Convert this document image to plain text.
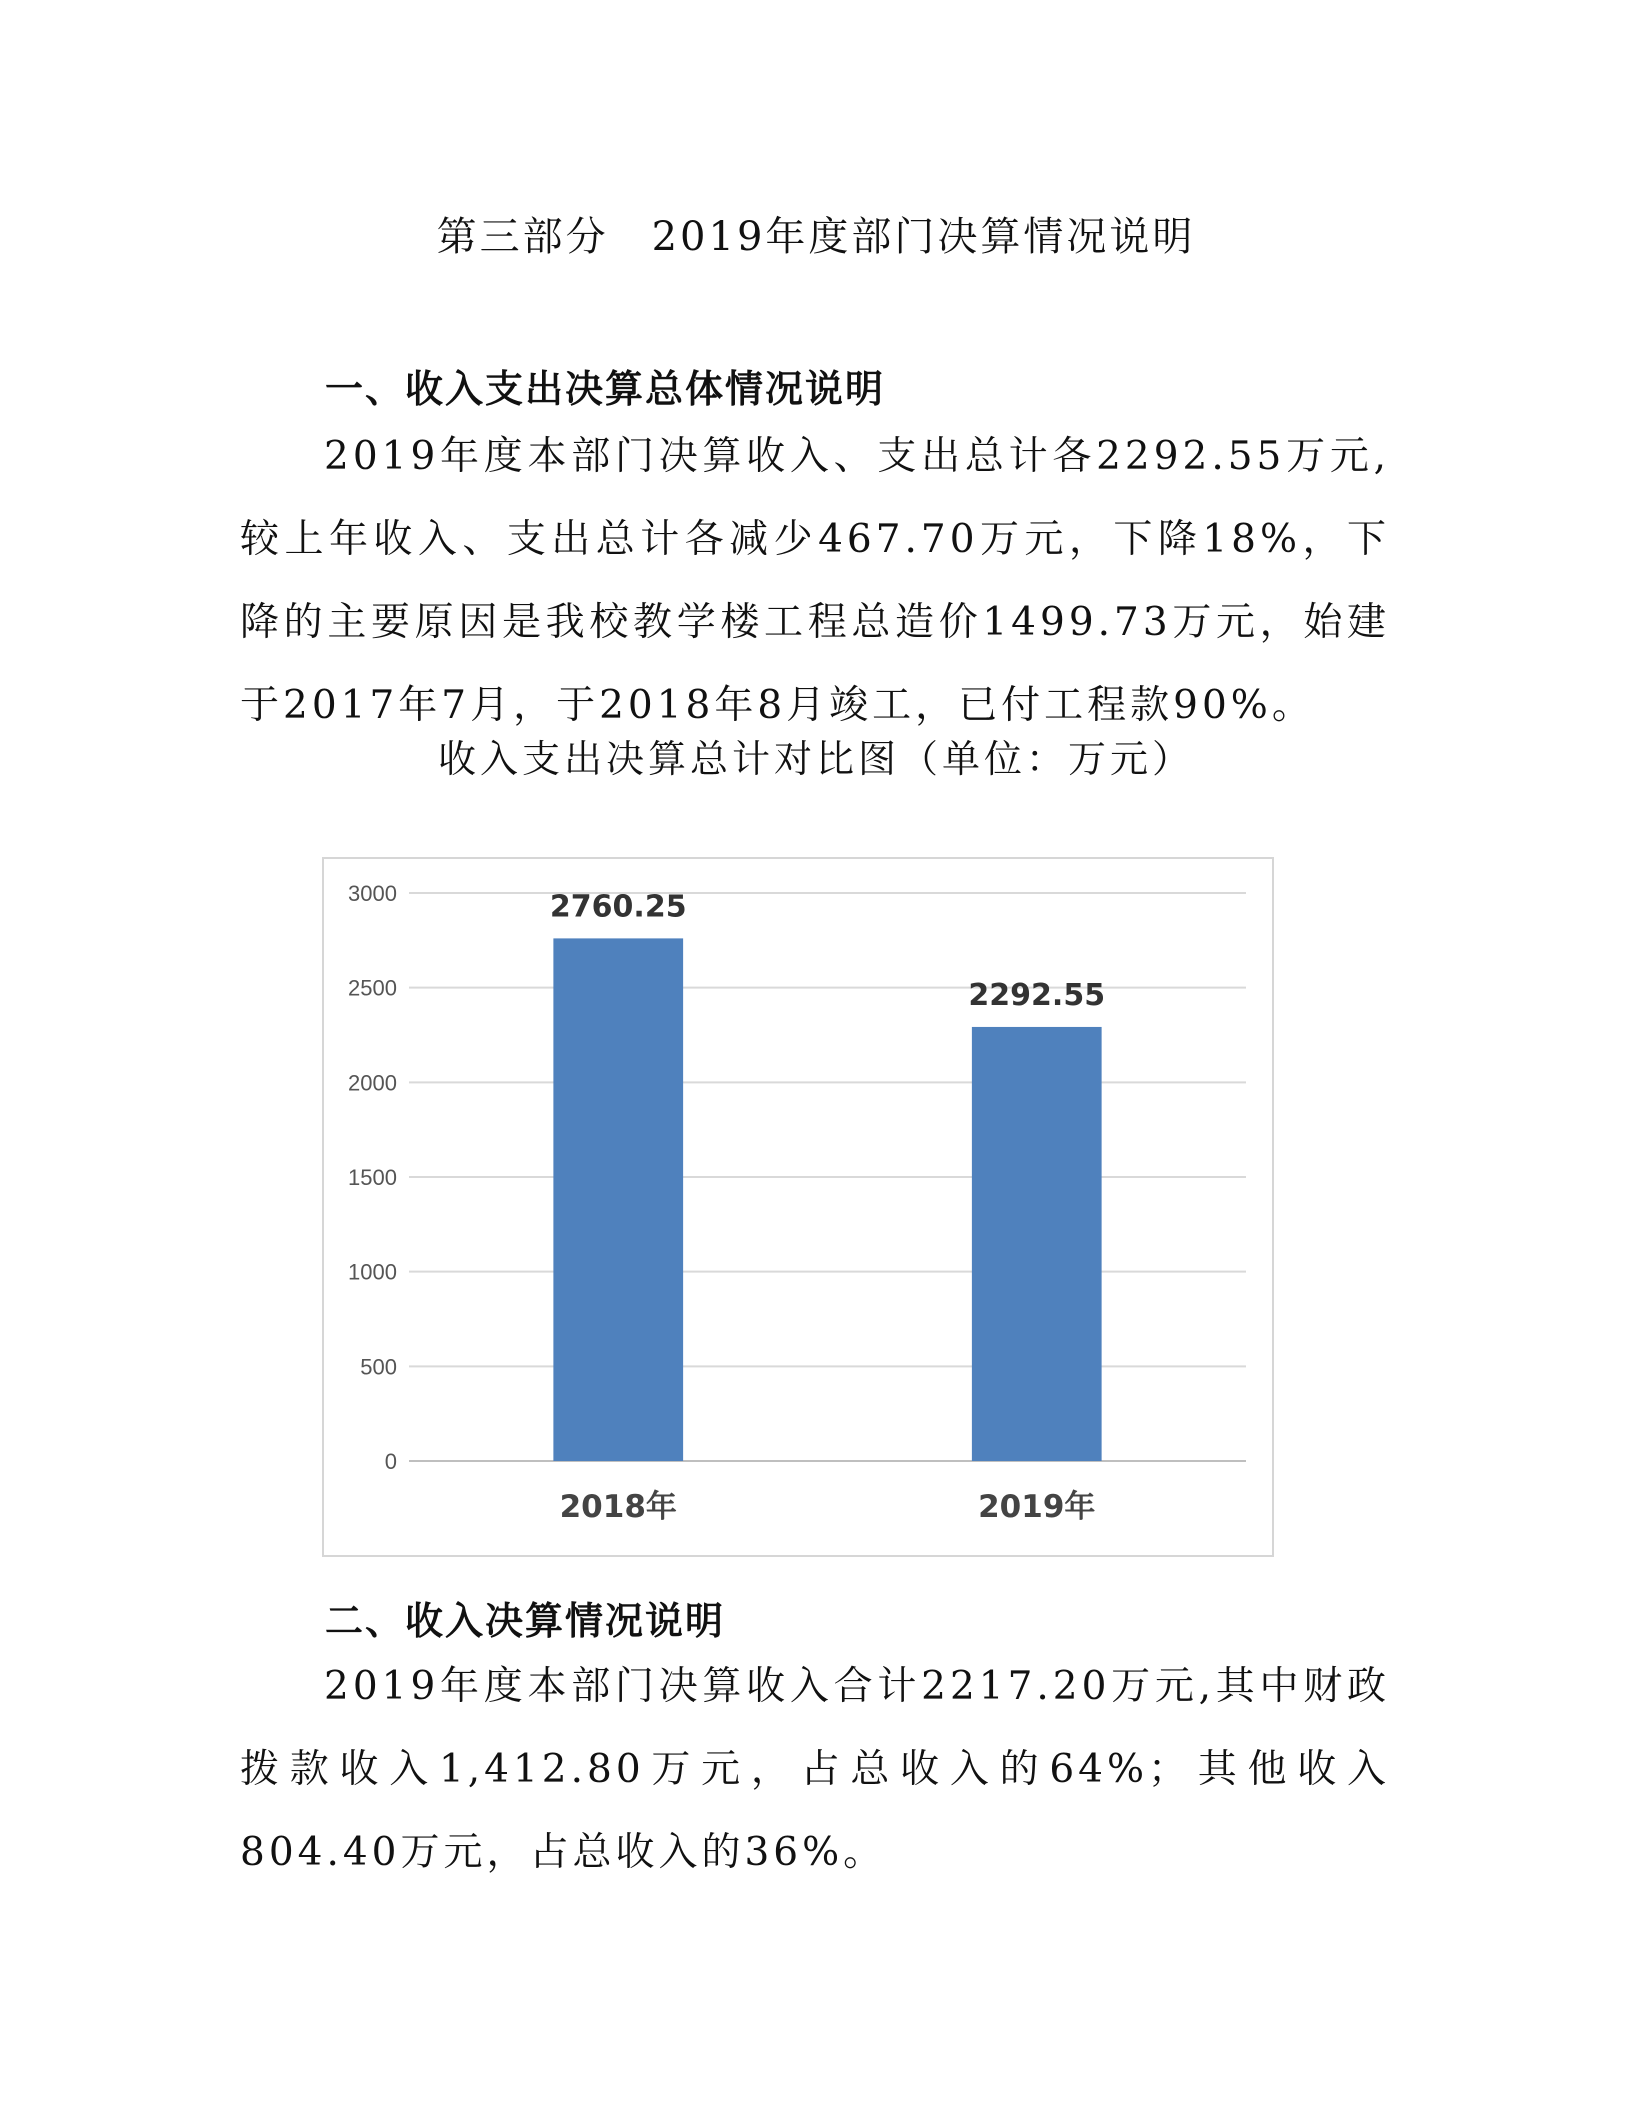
第三部分　2019年度部门决算情况说明
一、收入支出决算总体情况说明

2019年度本部门决算收入、支出总计各2292.55万元,较上年收入、支出总计各减少467.70万元，下降18%，下降的主要原因是我校教学楼工程总造价1499.73万元，始建于2017年7月，于2018年8月竣工，已付工程款90%。

收入支出决算总计对比图（单位：万元）

0
500
1000
1500
2000
2500
3000	2760.25
2018年
2292.55
2019年
二、收入决算情况说明

2019年度本部门决算收入合计2217.20万元,其中财政拨款收入1,412.80万元，占总收入的64%；其他收入804.40万元，占总收入的36%。
